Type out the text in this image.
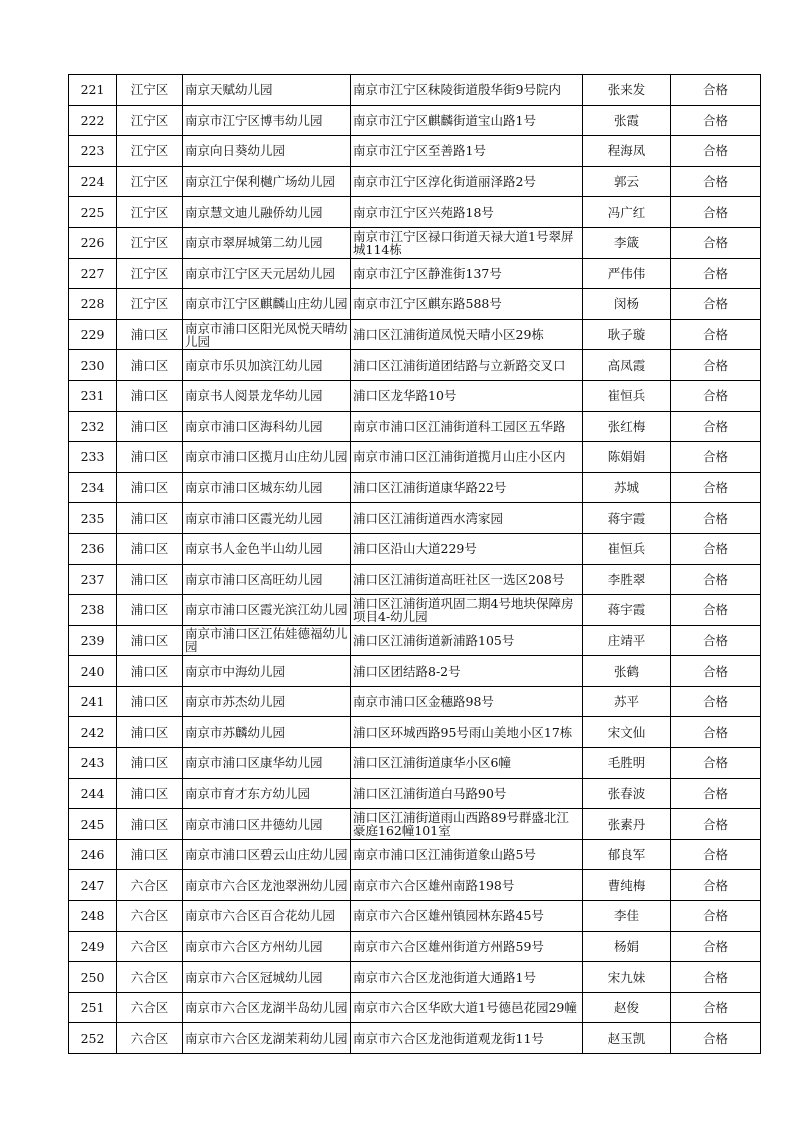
221	江宁区	南京天赋幼儿园	南京市江宁区秣陵街道殷华街9号院内	张来发	合格
222	江宁区	南京市江宁区博韦幼儿园	南京市江宁区麒麟街道宝山路1号	张霞	合格
223	江宁区	南京向日葵幼儿园	南京市江宁区至善路1号	程海凤	合格
224	江宁区	南京江宁保利樾广场幼儿园	南京市江宁区淳化街道丽泽路2号	郭云	合格
225	江宁区	南京慧文迪儿融侨幼儿园	南京市江宁区兴苑路18号	冯广红	合格
226	江宁区	南京市翠屏城第二幼儿园	南京市江宁区禄口街道天禄大道1号翠屏城114栋	李箴	合格
227	江宁区	南京市江宁区天元居幼儿园	南京市江宁区静淮街137号	严伟伟	合格
228	江宁区	南京市江宁区麒麟山庄幼儿园	南京市江宁区麒东路588号	闵杨	合格
229	浦口区	南京市浦口区阳光凤悦天晴幼儿园	浦口区江浦街道凤悦天晴小区29栋	耿子璇	合格
230	浦口区	南京市乐贝加滨江幼儿园	浦口区江浦街道团结路与立新路交叉口	高凤霞	合格
231	浦口区	南京书人阅景龙华幼儿园	浦口区龙华路10号	崔恒兵	合格
232	浦口区	南京市浦口区海科幼儿园	南京市浦口区江浦街道科工园区五华路	张红梅	合格
233	浦口区	南京市浦口区揽月山庄幼儿园	南京市浦口区江浦街道揽月山庄小区内	陈娟娟	合格
234	浦口区	南京市浦口区城东幼儿园	浦口区江浦街道康华路22号	苏城	合格
235	浦口区	南京市浦口区霞光幼儿园	浦口区江浦街道西水湾家园	蒋宇霞	合格
236	浦口区	南京书人金色半山幼儿园	浦口区沿山大道229号	崔恒兵	合格
237	浦口区	南京市浦口区高旺幼儿园	浦口区江浦街道高旺社区一选区208号	李胜翠	合格
238	浦口区	南京市浦口区霞光滨江幼儿园	浦口区江浦街道巩固二期4号地块保障房项目4-幼儿园	蒋宇霞	合格
239	浦口区	南京市浦口区江佑娃德福幼儿园	浦口区江浦街道新浦路105号	庄靖平	合格
240	浦口区	南京市中海幼儿园	浦口区团结路8-2号	张鹤	合格
241	浦口区	南京市苏杰幼儿园	南京市浦口区金穗路98号	苏平	合格
242	浦口区	南京市苏麟幼儿园	浦口区环城西路95号雨山美地小区17栋	宋文仙	合格
243	浦口区	南京市浦口区康华幼儿园	浦口区江浦街道康华小区6幢	毛胜明	合格
244	浦口区	南京市育才东方幼儿园	浦口区江浦街道白马路90号	张春波	合格
245	浦口区	南京市浦口区井德幼儿园	浦口区江浦街道雨山西路89号群盛北江豪庭162幢101室	张素丹	合格
246	浦口区	南京市浦口区碧云山庄幼儿园	南京市浦口区江浦街道象山路5号	郁良军	合格
247	六合区	南京市六合区龙池翠洲幼儿园	南京市六合区雄州南路198号	曹纯梅	合格
248	六合区	南京市六合区百合花幼儿园	南京市六合区雄州镇园林东路45号	李佳	合格
249	六合区	南京市六合区方州幼儿园	南京市六合区雄州街道方州路59号	杨娟	合格
250	六合区	南京市六合区冠城幼儿园	南京市六合区龙池街道大通路1号	宋九妹	合格
251	六合区	南京市六合区龙湖半岛幼儿园	南京市六合区华欧大道1号德邑花园29幢	赵俊	合格
252	六合区	南京市六合区龙湖茉莉幼儿园	南京市六合区龙池街道观龙街11号	赵玉凯	合格
